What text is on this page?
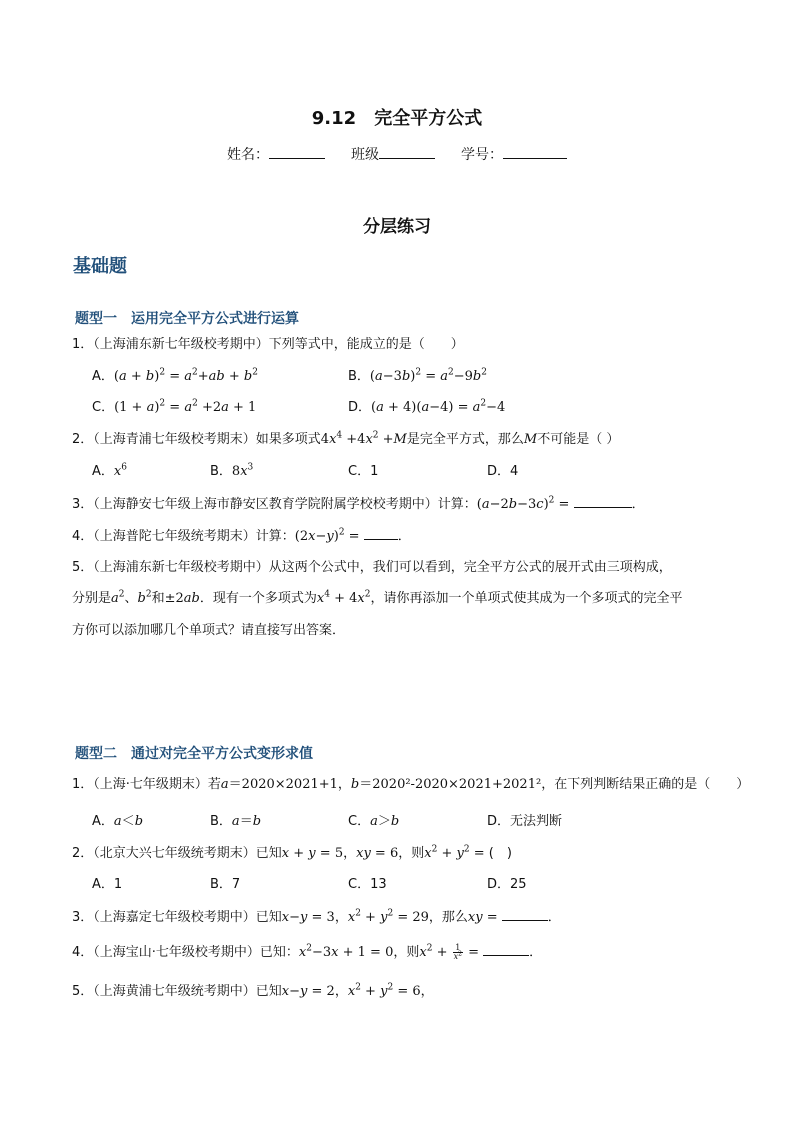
9.12　完全平方公式
姓名：	班级	学号：
分层练习
基础题
题型一　运用完全平方公式进行运算
1．（上海浦东新七年级校考期中）下列等式中，能成立的是（　　）
A．$(a + b)^2 = a^2+ab + b^2$	B．$(a-3b)^2 = a^2-9b^2$
C．$(1 + a)^2 = a^2 +2a + 1$	D．$(a + 4)(a-4) = a^2-4$
2．（上海青浦七年级校考期末）如果多项式$4x^4 +4x^2 +M$是完全平方式，那么M不可能是（ ）
A．$x^6$	B．$8x^3$	C．1	D．4
3．（上海静安七年级上海市静安区教育学院附属学校校考期中）计算：$(a-2b-3c)^2$ =	．
4．（上海普陀七年级统考期末）计算：$(2x-y)^2$ =	．
5．（上海浦东新七年级校考期中）从这两个公式中，我们可以看到，完全平方公式的展开式由三项构成，
分别是$a^2$、$b^2$和±2ab．现有一个多项式为$x^4 + 4x^2$，请你再添加一个单项式使其成为一个多项式的完全平
方你可以添加哪几个单项式？请直接写出答案．
题型二　通过对完全平方公式变形求值
1．（上海·七年级期末）若a＝2020×2021+1，b＝2020²-2020×2021+2021²，在下列判断结果正确的是（　　）
A．a＜b	B．a＝b	C．a＞b	D．无法判断
2．（北京大兴七年级统考期末）已知x + y = 5，xy = 6，则$x^2 + y^2$ = (　)
A．1	B．7	C．13	D．25
3．（上海嘉定七年级校考期中）已知x−y = 3，$x^2 + y^2 = 29$，那么xy =	．
4．（上海宝山·七年级校考期中）已知：$x^2-3x + 1 = 0$，则$x^2 + \frac{1}{x^2}$ =	．
5．（上海黄浦七年级统考期中）已知x−y = 2，$x^2 + y^2 = 6$，
